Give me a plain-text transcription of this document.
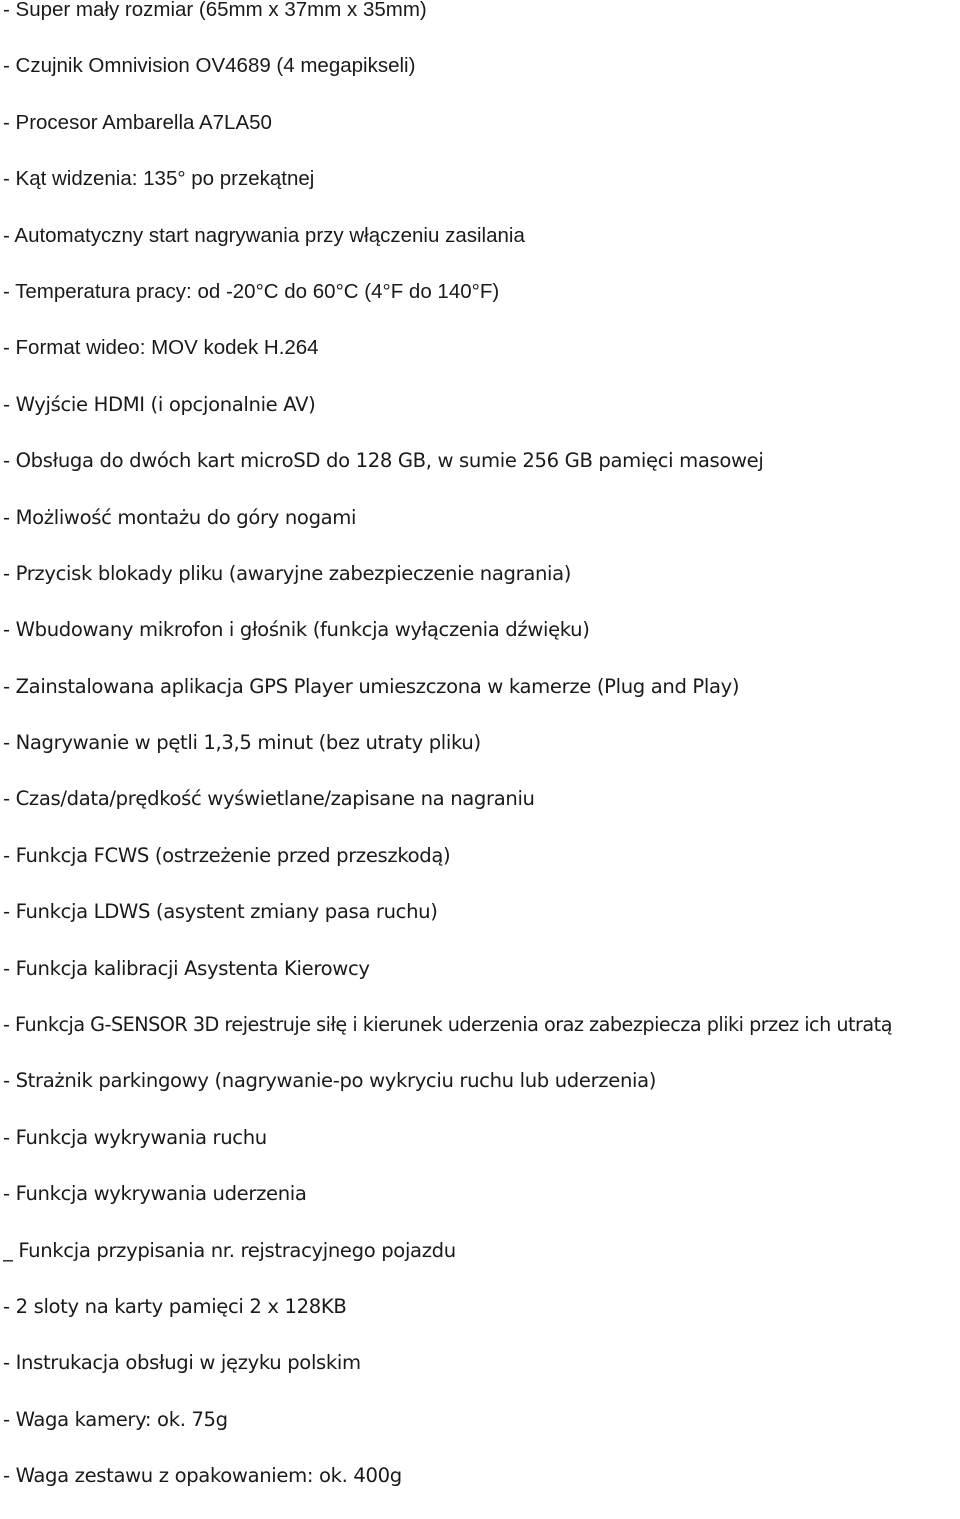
- Super mały rozmiar (65mm x 37mm x 35mm)
- Czujnik Omnivision OV4689 (4 megapikseli)
- Procesor Ambarella A7LA50
- Kąt widzenia: 135° po przekątnej
- Automatyczny start nagrywania przy włączeniu zasilania
- Temperatura pracy: od -20°C do 60°C (4°F do 140°F)
- Format wideo: MOV kodek H.264
- Wyjście HDMI (i opcjonalnie AV)
- Obsługa do dwóch kart microSD do 128 GB, w sumie 256 GB pamięci masowej
- Możliwość montażu do góry nogami
- Przycisk blokady pliku (awaryjne zabezpieczenie nagrania)
- Wbudowany mikrofon i głośnik (funkcja wyłączenia dźwięku)
- Zainstalowana aplikacja GPS Player umieszczona w kamerze (Plug and Play)
- Nagrywanie w pętli 1,3,5 minut (bez utraty pliku)
- Czas/data/prędkość wyświetlane/zapisane na nagraniu
- Funkcja FCWS (ostrzeżenie przed przeszkodą)
- Funkcja LDWS (asystent zmiany pasa ruchu)
- Funkcja kalibracji Asystenta Kierowcy
- Funkcja G-SENSOR 3D rejestruje siłę i kierunek uderzenia oraz zabezpiecza pliki przez ich utratą
- Strażnik parkingowy (nagrywanie-po wykryciu ruchu lub uderzenia)
- Funkcja wykrywania ruchu
- Funkcja wykrywania uderzenia
_ Funkcja przypisania nr. rejstracyjnego pojazdu
- 2 sloty na karty pamięci 2 x 128KB
- Instrukacja obsługi w języku polskim
- Waga kamery: ok. 75g
- Waga zestawu z opakowaniem: ok. 400g
